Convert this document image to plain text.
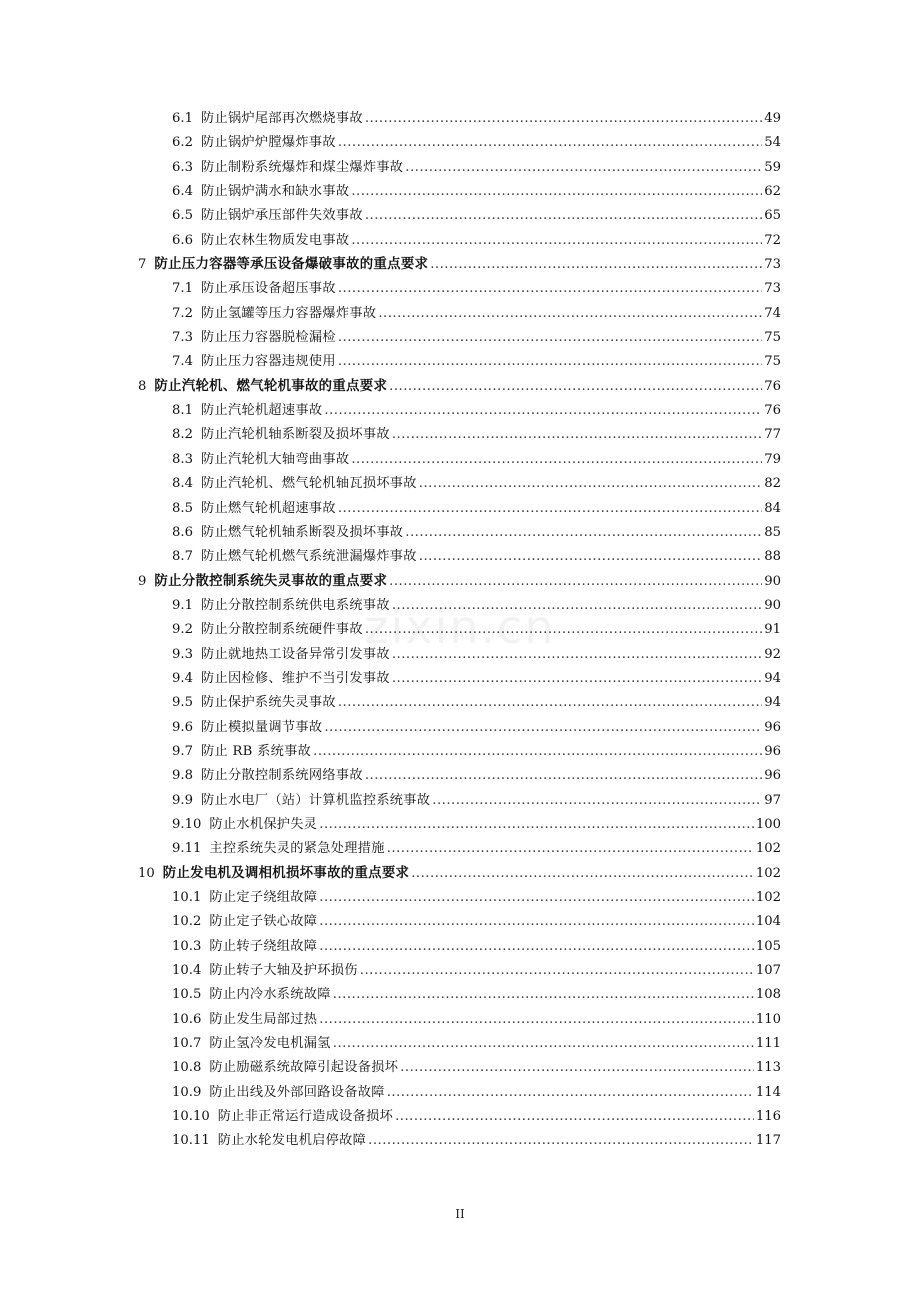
zixin.cn
6.1 防止锅炉尾部再次燃烧事故 .....	49
6.2 防止锅炉炉膛爆炸事故 .....	54
6.3 防止制粉系统爆炸和煤尘爆炸事故 .....	59
6.4 防止锅炉满水和缺水事故 .....	62
6.5 防止锅炉承压部件失效事故 .....	65
6.6 防止农林生物质发电事故 .....	72
7 防止压力容器等承压设备爆破事故的重点要求 .....	73
7.1 防止承压设备超压事故 .....	73
7.2 防止氢罐等压力容器爆炸事故 .....	74
7.3 防止压力容器脱检漏检 .....	75
7.4 防止压力容器违规使用 .....	75
8 防止汽轮机、燃气轮机事故的重点要求 .....	76
8.1 防止汽轮机超速事故 .....	76
8.2 防止汽轮机轴系断裂及损坏事故 .....	77
8.3 防止汽轮机大轴弯曲事故 .....	79
8.4 防止汽轮机、燃气轮机轴瓦损坏事故 .....	82
8.5 防止燃气轮机超速事故 .....	84
8.6 防止燃气轮机轴系断裂及损坏事故 .....	85
8.7 防止燃气轮机燃气系统泄漏爆炸事故 .....	88
9 防止分散控制系统失灵事故的重点要求 .....	90
9.1 防止分散控制系统供电系统事故 .....	90
9.2 防止分散控制系统硬件事故 .....	91
9.3 防止就地热工设备异常引发事故 .....	92
9.4 防止因检修、维护不当引发事故 .....	94
9.5 防止保护系统失灵事故 .....	94
9.6 防止模拟量调节事故 .....	96
9.7 防止 RB 系统事故 .....	96
9.8 防止分散控制系统网络事故 .....	96
9.9 防止水电厂（站）计算机监控系统事故 .....	97
9.10 防止水机保护失灵 .....	100
9.11 主控系统失灵的紧急处理措施 .....	102
10 防止发电机及调相机损坏事故的重点要求 .....	102
10.1 防止定子绕组故障 .....	102
10.2 防止定子铁心故障 .....	104
10.3 防止转子绕组故障 .....	105
10.4 防止转子大轴及护环损伤 .....	107
10.5 防止内冷水系统故障 .....	108
10.6 防止发生局部过热 .....	110
10.7 防止氢冷发电机漏氢 .....	111
10.8 防止励磁系统故障引起设备损坏 .....	113
10.9 防止出线及外部回路设备故障 .....	114
10.10 防止非正常运行造成设备损坏 .....	116
10.11 防止水轮发电机启停故障 .....	117
II
